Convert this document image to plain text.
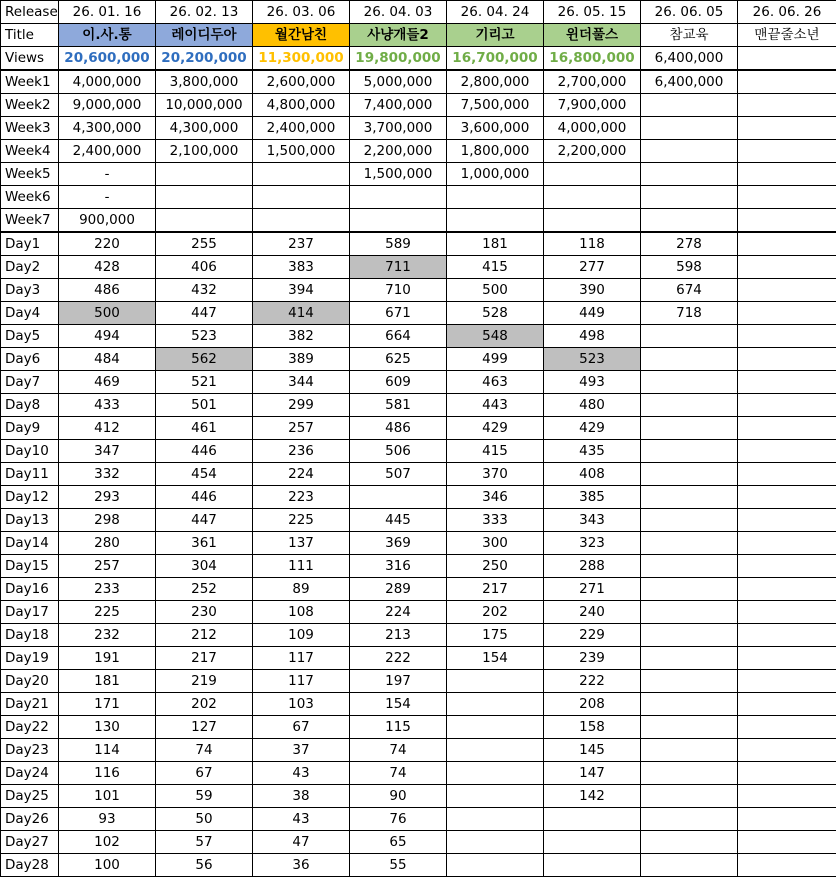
Release	26. 01. 16	26. 02. 13	26. 03. 06	26. 04. 03	26. 04. 24	26. 05. 15	26. 06. 05	26. 06. 26
Title	이.사.통	레이디두아	월간남친	사냥개들2	기리고	윈더풀스	참교육	맨끝줄소년
Views	20,600,000	20,200,000	11,300,000	19,800,000	16,700,000	16,800,000	6,400,000	
Week1	4,000,000	3,800,000	2,600,000	5,000,000	2,800,000	2,700,000	6,400,000	
Week2	9,000,000	10,000,000	4,800,000	7,400,000	7,500,000	7,900,000		
Week3	4,300,000	4,300,000	2,400,000	3,700,000	3,600,000	4,000,000		
Week4	2,400,000	2,100,000	1,500,000	2,200,000	1,800,000	2,200,000		
Week5	-			1,500,000	1,000,000			
Week6	-							
Week7	900,000							
Day1	220	255	237	589	181	118	278	
Day2	428	406	383	711	415	277	598	
Day3	486	432	394	710	500	390	674	
Day4	500	447	414	671	528	449	718	
Day5	494	523	382	664	548	498		
Day6	484	562	389	625	499	523		
Day7	469	521	344	609	463	493		
Day8	433	501	299	581	443	480		
Day9	412	461	257	486	429	429		
Day10	347	446	236	506	415	435		
Day11	332	454	224	507	370	408		
Day12	293	446	223		346	385		
Day13	298	447	225	445	333	343		
Day14	280	361	137	369	300	323		
Day15	257	304	111	316	250	288		
Day16	233	252	89	289	217	271		
Day17	225	230	108	224	202	240		
Day18	232	212	109	213	175	229		
Day19	191	217	117	222	154	239		
Day20	181	219	117	197		222		
Day21	171	202	103	154		208		
Day22	130	127	67	115		158		
Day23	114	74	37	74		145		
Day24	116	67	43	74		147		
Day25	101	59	38	90		142		
Day26	93	50	43	76				
Day27	102	57	47	65				
Day28	100	56	36	55				
